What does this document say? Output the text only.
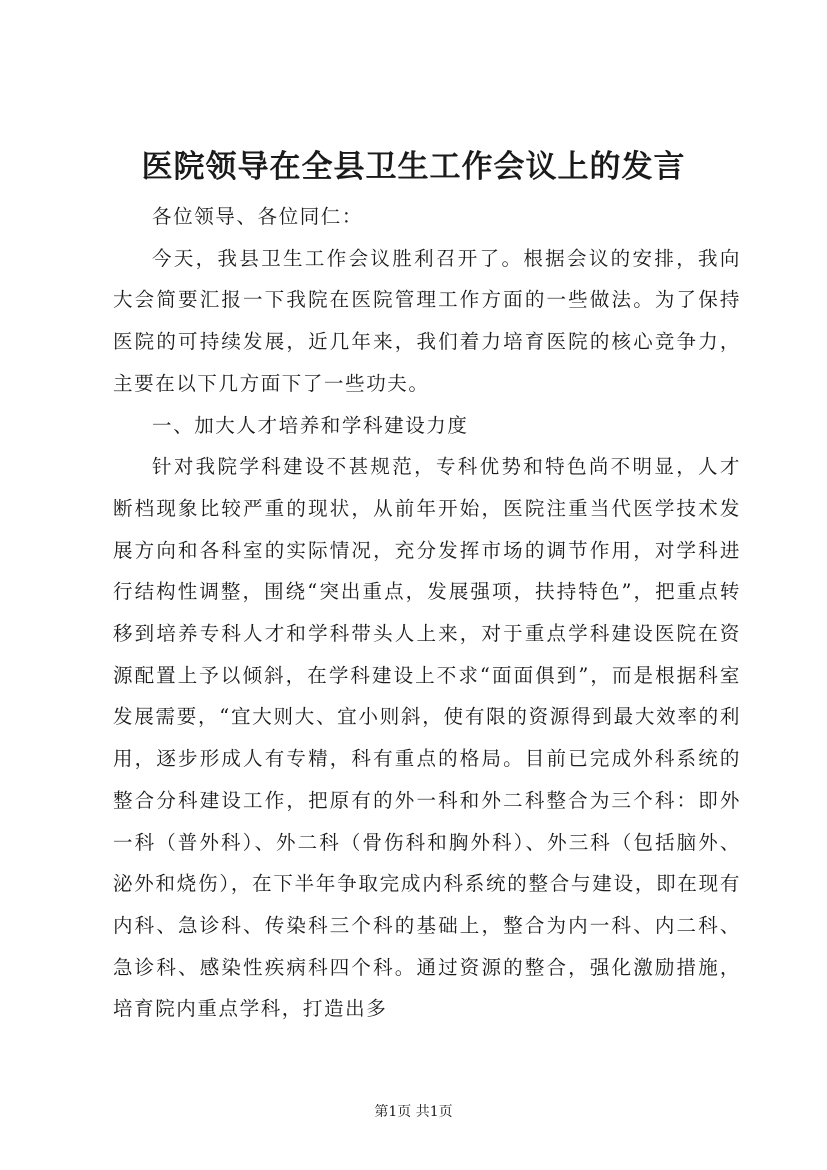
医院领导在全县卫生工作会议上的发言

各位领导、各位同仁：

今天，我县卫生工作会议胜利召开了。根据会议的安排，我向大会简要汇报一下我院在医院管理工作方面的一些做法。为了保持医院的可持续发展，近几年来，我们着力培育医院的核心竞争力，主要在以下几方面下了一些功夫。

一、加大人才培养和学科建设力度

针对我院学科建设不甚规范，专科优势和特色尚不明显，人才断档现象比较严重的现状，从前年开始，医院注重当代医学技术发展方向和各科室的实际情况，充分发挥市场的调节作用，对学科进行结构性调整，围绕“突出重点，发展强项，扶持特色”，把重点转移到培养专科人才和学科带头人上来，对于重点学科建设医院在资源配置上予以倾斜，在学科建设上不求“面面俱到”，而是根据科室发展需要，“宜大则大、宜小则斜，使有限的资源得到最大效率的利用，逐步形成人有专精，科有重点的格局。目前已完成外科系统的整合分科建设工作，把原有的外一科和外二科整合为三个科：即外一科（普外科）、外二科（骨伤科和胸外科）、外三科（包括脑外、泌外和烧伤），在下半年争取完成内科系统的整合与建设，即在现有内科、急诊科、传染科三个科的基础上，整合为内一科、内二科、急诊科、感染性疾病科四个科。通过资源的整合，强化激励措施，培育院内重点学科，打造出多

第1页 共1页
